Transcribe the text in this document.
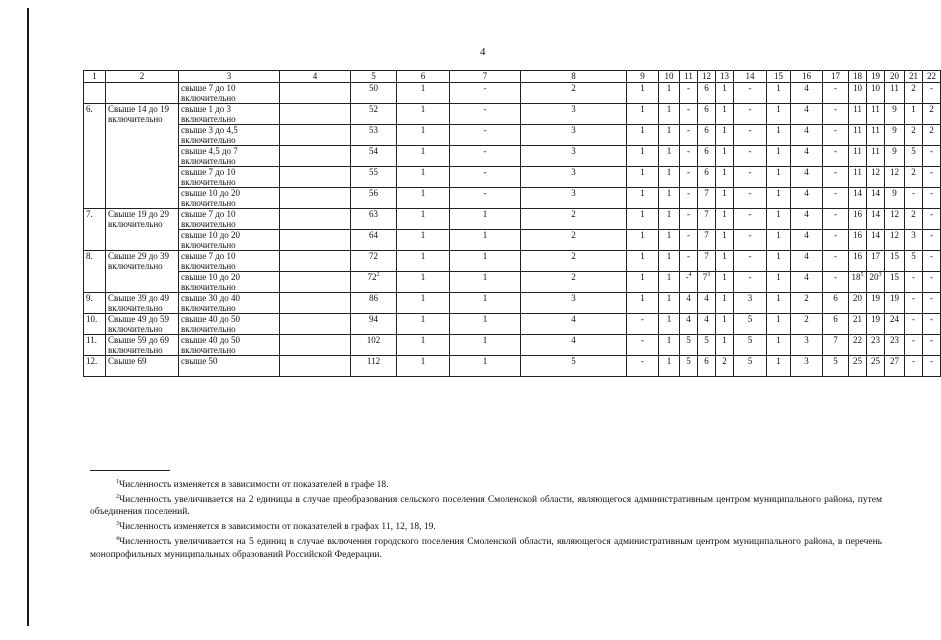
4
1	2	3	4	5	6	7	8	9	10	11	12	13	14	15	16	17	18	19	20	21	22
		свыше 7 до 10 включительно		50	1	-	2	1	1	-	6	1	-	1	4	-	10	10	11	2	-
6.	Свыше 14 до 19 включительно	свыше 1 до 3 включительно		52	1	-	3	1	1	-	6	1	-	1	4	-	11	11	9	1	2
		свыше 3 до 4,5 включительно		53	1	-	3	1	1	-	6	1	-	1	4	-	11	11	9	2	2
		свыше 4,5 до 7 включительно		54	1	-	3	1	1	-	6	1	-	1	4	-	11	11	9	5	-
		свыше 7 до 10 включительно		55	1	-	3	1	1	-	6	1	-	1	4	-	11	12	12	2	-
		свыше 10 до 20 включительно		56	1	-	3	1	1	-	7	1	-	1	4	-	14	14	9	-	-
7.	Свыше 19 до 29 включительно	свыше 7 до 10 включительно		63	1	1	2	1	1	-	7	1	-	1	4	-	16	14	12	2	-
		свыше 10 до 20 включительно		64	1	1	2	1	1	-	7	1	-	1	4	-	16	14	12	3	-
8.	Свыше 29 до 39 включительно	свыше 7 до 10 включительно		72	1	1	2	1	1	-	7	1	-	1	4	-	16	17	15	5	-
		свыше 10 до 20 включительно		$72^2$	1	1	2	1	1	-$^4$	$7^3$	1	-	1	4	-	$18^5$	$20^3$	15	-	-
9.	Свыше 39 до 49 включительно	свыше 30 до 40 включительно		86	1	1	3	1	1	4	4	1	3	1	2	6	20	19	19	-	-
10.	Свыше 49 до 59 включительно	свыше 40 до 50 включительно		94	1	1	4	-	1	4	4	1	5	1	2	6	21	19	24	-	-
11.	Свыше 59 до 69 включительно	свыше 40 до 50 включительно		102	1	1	4	-	1	5	5	1	5	1	3	7	22	23	23	-	-
12.	Свыше 69	свыше 50		112	1	1	5	-	1	5	6	2	5	1	3	5	25	25	27	-	-

$^1$Численность изменяется в зависимости от показателей в графе 18.

$^2$Численность увеличивается на 2 единицы в случае преобразования сельского поселения Смоленской области, являющегося административным центром муниципального района, путем объединения поселений.

$^3$Численность изменяется в зависимости от показателей в графах 11, 12, 18, 19.

$^4$Численность увеличивается на 5 единиц в случае включения городского поселения Смоленской области, являющегося административным центром муниципального района, в перечень монопрофильных муниципальных образований Российской Федерации.
